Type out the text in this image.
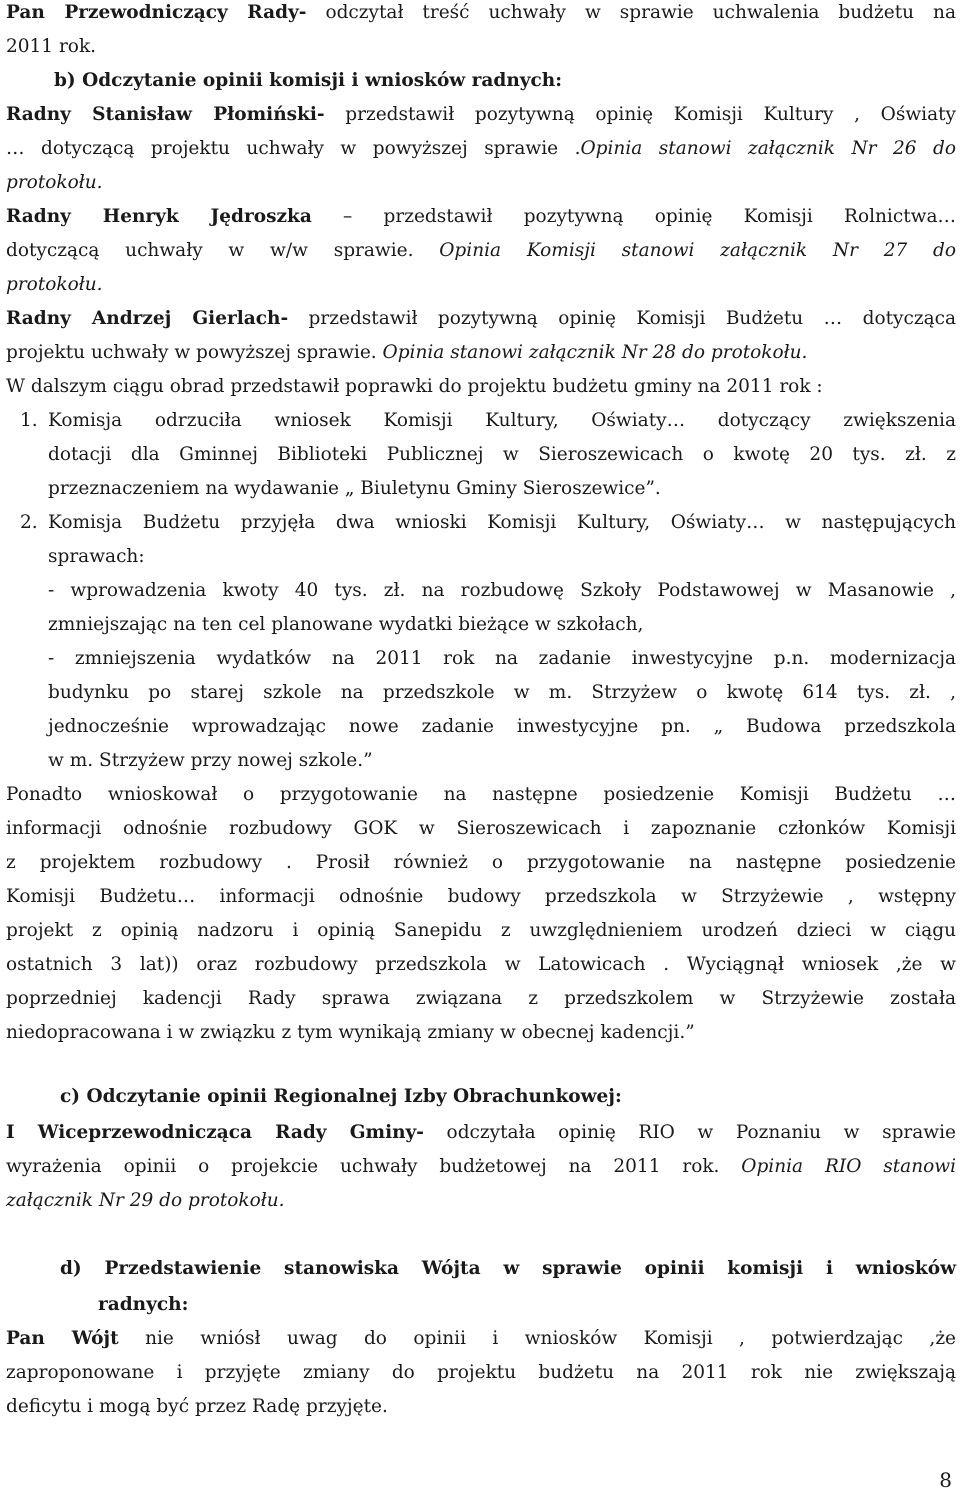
Pan Przewodniczący Rady- odczytał treść uchwały w sprawie uchwalenia budżetu na
2011 rok.
b) Odczytanie opinii komisji i wniosków radnych:
Radny Stanisław Płomiński- przedstawił pozytywną opinię Komisji Kultury , Oświaty
… dotyczącą projektu uchwały w powyższej sprawie .Opinia stanowi załącznik Nr 26 do
protokołu.
Radny Henryk Jędroszka – przedstawił pozytywną opinię Komisji Rolnictwa…
dotyczącą uchwały w w/w sprawie. Opinia Komisji stanowi załącznik Nr 27 do
protokołu.
Radny Andrzej Gierlach- przedstawił pozytywną opinię Komisji Budżetu … dotycząca
projektu uchwały w powyższej sprawie. Opinia stanowi załącznik Nr 28 do protokołu.
W dalszym ciągu obrad przedstawił poprawki do projektu budżetu gminy na 2011 rok :
1. Komisja odrzuciła wniosek Komisji Kultury, Oświaty… dotyczący zwiększenia
dotacji dla Gminnej Biblioteki Publicznej w Sieroszewicach o kwotę 20 tys. zł. z
przeznaczeniem na wydawanie „ Biuletynu Gminy Sieroszewice”.
2. Komisja Budżetu przyjęła dwa wnioski Komisji Kultury, Oświaty… w następujących
sprawach:
- wprowadzenia kwoty 40 tys. zł. na rozbudowę Szkoły Podstawowej w Masanowie ,
zmniejszając na ten cel planowane wydatki bieżące w szkołach,
- zmniejszenia wydatków na 2011 rok na zadanie inwestycyjne p.n. modernizacja
budynku po starej szkole na przedszkole w m. Strzyżew o kwotę 614 tys. zł. ,
jednocześnie wprowadzając nowe zadanie inwestycyjne pn. „ Budowa przedszkola
w m. Strzyżew przy nowej szkole.”
Ponadto wnioskował o przygotowanie na następne posiedzenie Komisji Budżetu …
informacji odnośnie rozbudowy GOK w Sieroszewicach i zapoznanie członków Komisji
z projektem rozbudowy . Prosił również o przygotowanie na następne posiedzenie
Komisji Budżetu… informacji odnośnie budowy przedszkola w Strzyżewie , wstępny
projekt z opinią nadzoru i opinią Sanepidu z uwzględnieniem urodzeń dzieci w ciągu
ostatnich 3 lat)) oraz rozbudowy przedszkola w Latowicach . Wyciągnął wniosek ,że w
poprzedniej kadencji Rady sprawa związana z przedszkolem w Strzyżewie została
niedopracowana i w związku z tym wynikają zmiany w obecnej kadencji.”
c) Odczytanie opinii Regionalnej Izby Obrachunkowej:
I Wiceprzewodnicząca Rady Gminy- odczytała opinię RIO w Poznaniu w sprawie
wyrażenia opinii o projekcie uchwały budżetowej na 2011 rok. Opinia RIO stanowi
załącznik Nr 29 do protokołu.
d) Przedstawienie stanowiska Wójta w sprawie opinii komisji i wniosków
radnych:
Pan Wójt nie wniósł uwag do opinii i wniosków Komisji , potwierdzając ,że
zaproponowane i przyjęte zmiany do projektu budżetu na 2011 rok nie zwiększają
deficytu i mogą być przez Radę przyjęte.
8
